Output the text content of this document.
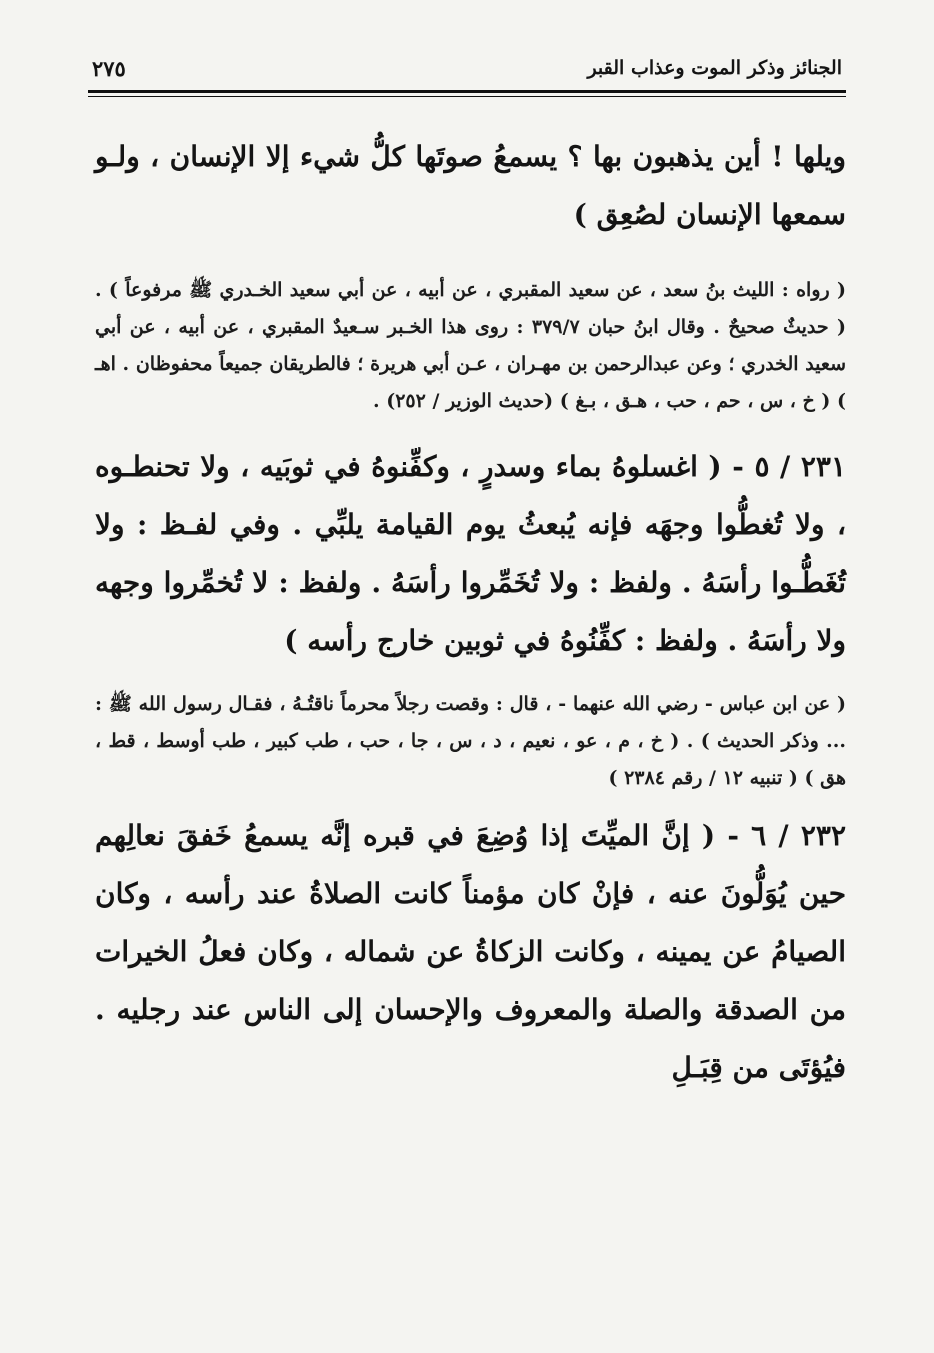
الجنائز وذكر الموت وعذاب القبر
٢٧٥

ويلها ! أين يذهبون بها ؟ يسمعُ صوتَها كلُّ شيء إلا الإنسان ، ولـو سمعها الإنسان لصُعِق )

( رواه : الليث بنُ سعد ، عن سعيد المقبري ، عن أبيه ، عن أبي سعيد الخـدري ﷺ مرفوعاً ) . ( حديثٌ صحيحٌ . وقال ابنُ حبان ٣٧٩/٧ : روى هذا الخـبر سـعيدٌ المقبري ، عن أبيه ، عن أبي سعيد الخدري ؛ وعن عبدالرحمن بن مهـران ، عـن أبي هريرة ؛ فالطريقان جميعاً محفوظان . اهـ ) ( خ ، س ، حم ، حب ، هـق ، بـغ ) (حديث الوزير / ٢٥٢) .

٢٣١ / ٥ - ( اغسلوهُ بماء وسدرٍ ، وكفِّنوهُ في ثوبَيه ، ولا تحنطـوه ، ولا تُغطُّوا وجهَه فإنه يُبعثُ يوم القيامة يلبِّي . وفي لفـظ : ولا تُغَطُّـوا رأسَهُ . ولفظ : ولا تُخَمِّروا رأسَهُ . ولفظ : لا تُخمِّروا وجهه ولا رأسَهُ . ولفظ : كفِّنُوهُ في ثوبين خارج رأسه )

( عن ابن عباس - رضي الله عنهما - ، قال : وقصت رجلاً محرماً ناقتُـهُ ، فقـال رسول الله ﷺ : ... وذكر الحديث ) . ( خ ، م ، عو ، نعيم ، د ، س ، جا ، حب ، طب كبير ، طب أوسط ، قط ، هق ) ( تنبيه ١٢ / رقم ٢٣٨٤ )

٢٣٢ / ٦ - ( إنَّ الميِّتَ إذا وُضِعَ في قبره إنَّه يسمعُ خَفقَ نعالِهم حين يُوَلُّونَ عنه ، فإنْ كان مؤمناً كانت الصلاةُ عند رأسه ، وكان الصيامُ عن يمينه ، وكانت الزكاةُ عن شماله ، وكان فعلُ الخيرات من الصدقة والصلة والمعروف والإحسان إلى الناس عند رجليه . فيُؤتَى من قِبَـلِ
